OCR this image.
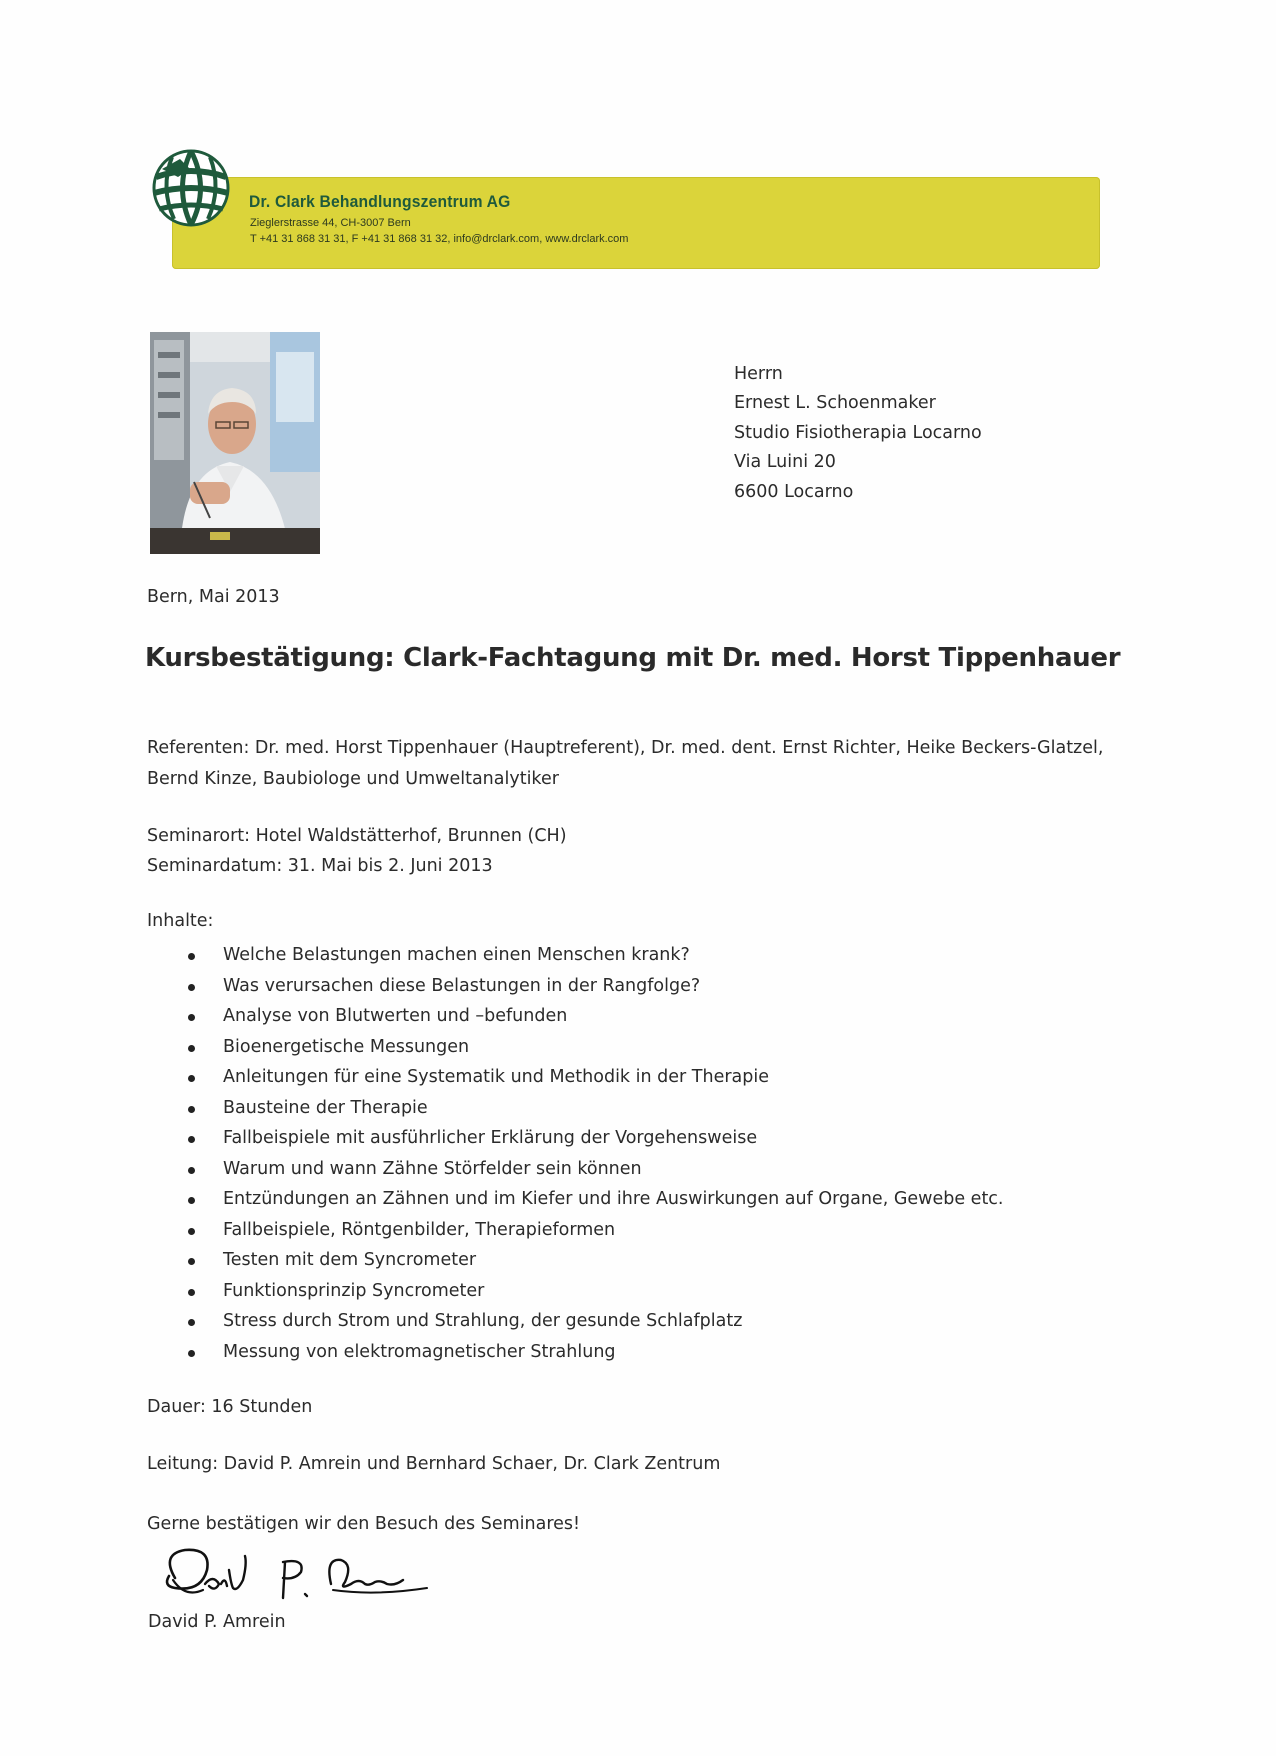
Dr. Clark Behandlungszentrum AG
Zieglerstrasse 44, CH-3007 Bern
T +41 31 868 31 31, F +41 31 868 31 32, info@drclark.com, www.drclark.com
Herrn
Ernest L. Schoenmaker
Studio Fisiotherapia Locarno
Via Luini 20
6600 Locarno
Bern, Mai 2013
Kursbestätigung: Clark-Fachtagung mit Dr. med. Horst Tippenhauer
Referenten: Dr. med. Horst Tippenhauer (Hauptreferent), Dr. med. dent. Ernst Richter, Heike Beckers-Glatzel,
Bernd Kinze, Baubiologe und Umweltanalytiker
Seminarort: Hotel Waldstätterhof, Brunnen (CH)
Seminardatum: 31. Mai bis 2. Juni 2013
Inhalte:
Welche Belastungen machen einen Menschen krank?
Was verursachen diese Belastungen in der Rangfolge?
Analyse von Blutwerten und –befunden
Bioenergetische Messungen
Anleitungen für eine Systematik und Methodik in der Therapie
Bausteine der Therapie
Fallbeispiele mit ausführlicher Erklärung der Vorgehensweise
Warum und wann Zähne Störfelder sein können
Entzündungen an Zähnen und im Kiefer und ihre Auswirkungen auf Organe, Gewebe etc.
Fallbeispiele, Röntgenbilder, Therapieformen
Testen mit dem Syncrometer
Funktionsprinzip Syncrometer
Stress durch Strom und Strahlung, der gesunde Schlafplatz
Messung von elektromagnetischer Strahlung
Dauer: 16 Stunden
Leitung: David P. Amrein und Bernhard Schaer, Dr. Clark Zentrum
Gerne bestätigen wir den Besuch des Seminares!
David P. Amrein
